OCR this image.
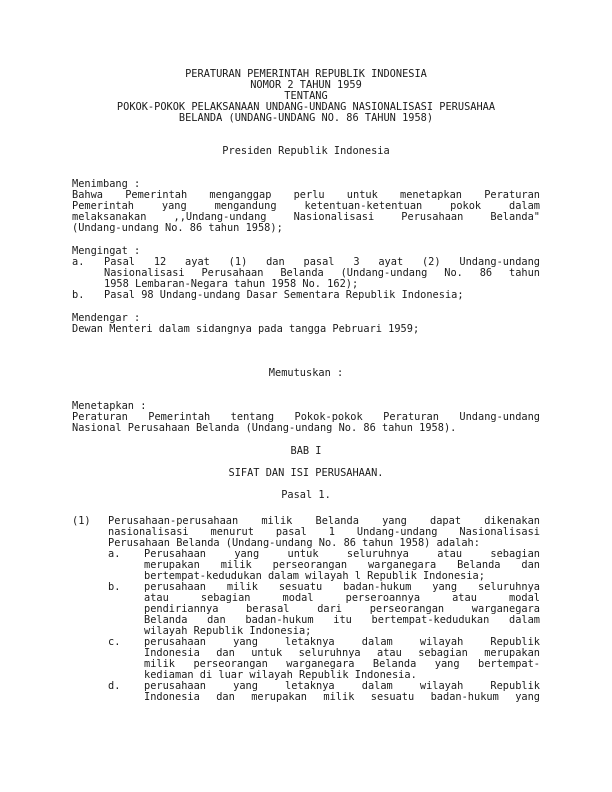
PERATURAN PEMERINTAH REPUBLIK INDONESIA
NOMOR 2 TAHUN 1959
TENTANG
POKOK-POKOK PELAKSANAAN UNDANG-UNDANG NASIONALISASI PERUSAHAA
BELANDA (UNDANG-UNDANG NO. 86 TAHUN 1958)
Presiden Republik Indonesia
Menimbang :
Bahwa Pemerintah menganggap perlu untuk menetapkan Peraturan
Pemerintah yang mengandung ketentuan-ketentuan pokok dalam
melaksanakan ,,Undang-undang Nasionalisasi Perusahaan Belanda"
(Undang-undang No. 86 tahun 1958);
Mengingat :
a. Pasal 12 ayat (1) dan pasal 3 ayat (2) Undang-undang
Nasionalisasi Perusahaan Belanda (Undang-undang No. 86 tahun
1958 Lembaran-Negara tahun 1958 No. 162);
b. Pasal 98 Undang-undang Dasar Sementara Republik Indonesia;
Mendengar :
Dewan Menteri dalam sidangnya pada tangga Pebruari 1959;
Memutuskan :
Menetapkan :
Peraturan Pemerintah tentang Pokok-pokok Peraturan Undang-undang
Nasional Perusahaan Belanda (Undang-undang No. 86 tahun 1958).
BAB I
SIFAT DAN ISI PERUSAHAAN.
Pasal 1.
(1) Perusahaan-perusahaan milik Belanda yang dapat dikenakan
nasionalisasi menurut pasal 1 Undang-undang Nasionalisasi
Perusahaan Belanda (Undang-undang No. 86 tahun 1958) adalah:
a. Perusahaan yang untuk seluruhnya atau sebagian
merupakan milik perseorangan warganegara Belanda dan
bertempat-kedudukan dalam wilayah l Republik Indonesia;
b. perusahaan milik sesuatu badan-hukum yang seluruhnya
atau sebagian modal perseroannya atau modal
pendiriannya berasal dari perseorangan warganegara
Belanda dan badan-hukum itu bertempat-kedudukan dalam
wilayah Republik Indonesia;
c. perusahaan yang letaknya dalam wilayah Republik
Indonesia dan untuk seluruhnya atau sebagian merupakan
milik perseorangan warganegara Belanda yang bertempat-
kediaman di luar wilayah Republik Indonesia.
d. perusahaan yang letaknya dalam wilayah Republik
Indonesia dan merupakan milik sesuatu badan-hukum yang
